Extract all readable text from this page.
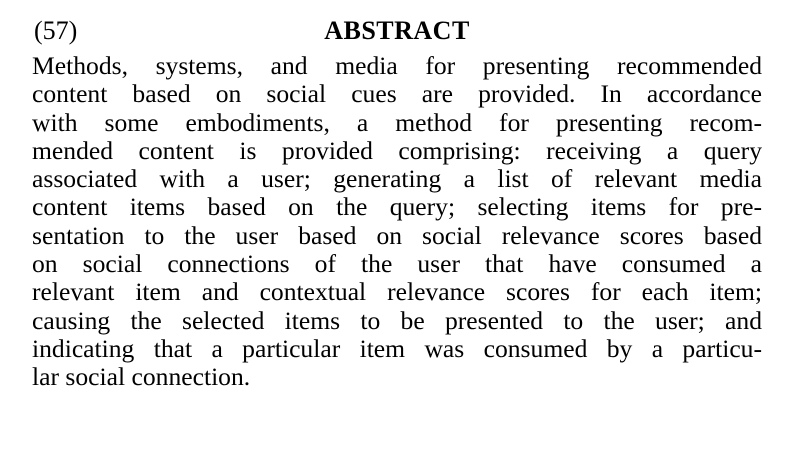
(57)	ABSTRACT
Methods, systems, and media for presenting recommended
content based on social cues are provided. In accordance
with some embodiments, a method for presenting recom-
mended content is provided comprising: receiving a query
associated with a user; generating a list of relevant media
content items based on the query; selecting items for pre-
sentation to the user based on social relevance scores based
on social connections of the user that have consumed a
relevant item and contextual relevance scores for each item;
causing the selected items to be presented to the user; and
indicating that a particular item was consumed by a particu-
lar social connection.
